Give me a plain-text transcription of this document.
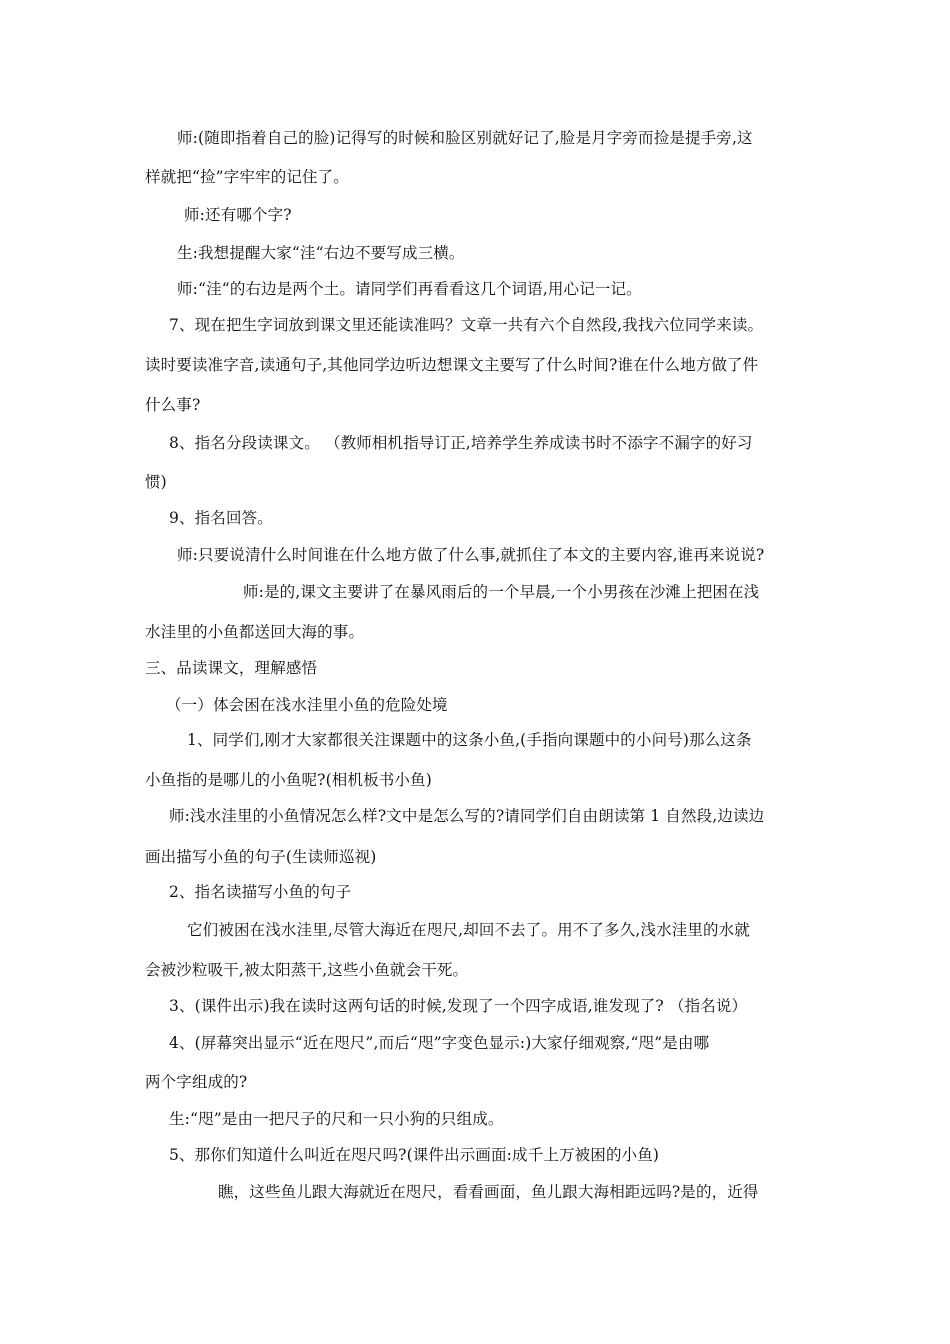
师:(随即指着自己的脸)记得写的时候和脸区别就好记了,脸是月字旁而捡是提手旁,这
样就把“捡”字牢牢的记住了。
师:还有哪个字?
生:我想提醒大家“洼“右边不要写成三横。
师:“洼“的右边是两个土。请同学们再看看这几个词语,用心记一记。
7、现在把生字词放到课文里还能读准吗？文章一共有六个自然段,我找六位同学来读。
读时要读准字音,读通句子,其他同学边听边想课文主要写了什么时间?谁在什么地方做了件
什么事?
8、指名分段读课文。 （教师相机指导订正,培养学生养成读书时不添字不漏字的好习
惯)
9、指名回答。
师:只要说清什么时间谁在什么地方做了什么事,就抓住了本文的主要内容,谁再来说说?
师:是的,课文主要讲了在暴风雨后的一个早晨,一个小男孩在沙滩上把困在浅
水洼里的小鱼都送回大海的事。
三、品读课文，理解感悟
（一）体会困在浅水洼里小鱼的危险处境
1、同学们,刚才大家都很关注课题中的这条小鱼,(手指向课题中的小问号)那么这条
小鱼指的是哪儿的小鱼呢?(相机板书小鱼)
师:浅水洼里的小鱼情况怎么样?文中是怎么写的?请同学们自由朗读第 1 自然段,边读边
画出描写小鱼的句子(生读师巡视)
2、指名读描写小鱼的句子
它们被困在浅水洼里,尽管大海近在咫尺,却回不去了。用不了多久,浅水洼里的水就
会被沙粒吸干,被太阳蒸干,这些小鱼就会干死。
3、(课件出示)我在读时这两句话的时候,发现了一个四字成语,谁发现了? （指名说）
4、(屏幕突出显示“近在咫尺”,而后“咫”字变色显示:)大家仔细观察,“咫”是由哪
两个字组成的?
生:“咫”是由一把尺子的尺和一只小狗的只组成。
5、那你们知道什么叫近在咫尺吗?(课件出示画面:成千上万被困的小鱼)
瞧，这些鱼儿跟大海就近在咫尺，看看画面，鱼儿跟大海相距远吗?是的，近得
